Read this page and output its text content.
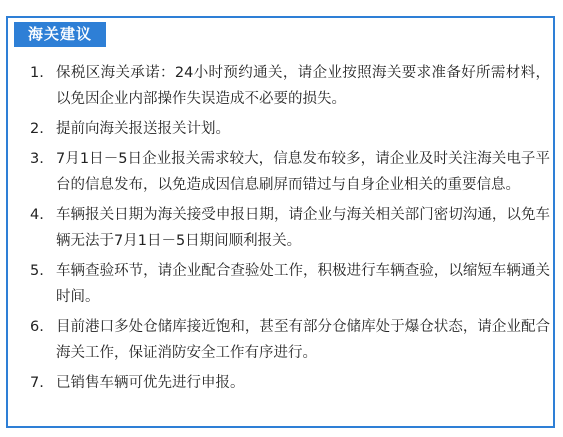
海关建议
1. 保税区海关承诺：24小时预约通关，请企业按照海关要求准备好所需材料，以免因企业内部操作失误造成不必要的损失。
2. 提前向海关报送报关计划。
3. 7月1日－5日企业报关需求较大，信息发布较多，请企业及时关注海关电子平台的信息发布，以免造成因信息刷屏而错过与自身企业相关的重要信息。
4. 车辆报关日期为海关接受申报日期，请企业与海关相关部门密切沟通，以免车辆无法于7月1日－5日期间顺利报关。
5. 车辆查验环节，请企业配合查验处工作，积极进行车辆查验，以缩短车辆通关时间。
6. 目前港口多处仓储库接近饱和，甚至有部分仓储库处于爆仓状态，请企业配合海关工作，保证消防安全工作有序进行。
7. 已销售车辆可优先进行申报。
